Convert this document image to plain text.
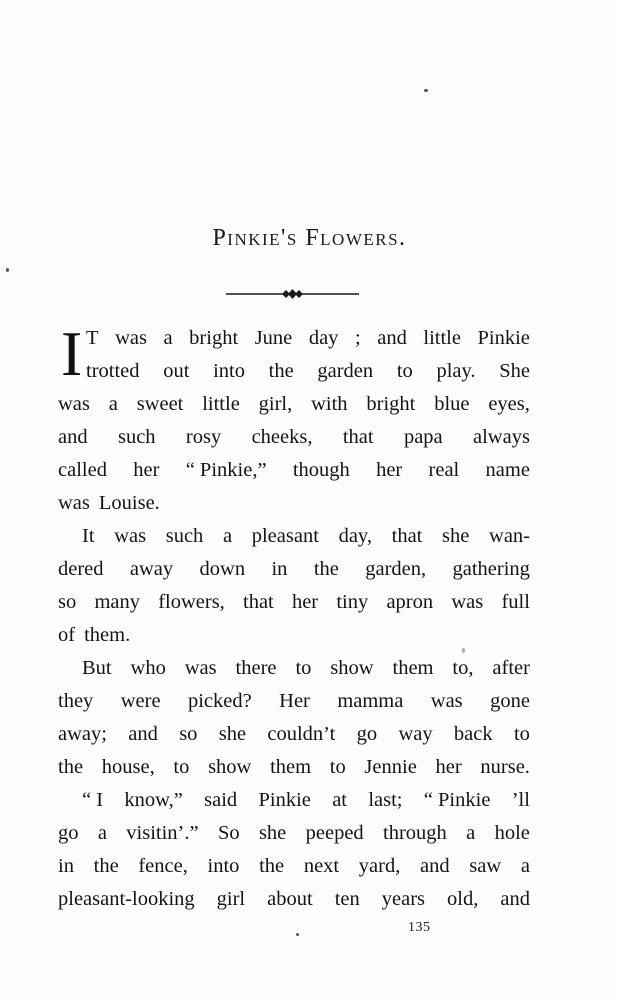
Pinkie's Flowers.
I T was a bright June day ; and little Pinkie
trotted out into the garden to play. She
was a sweet little girl, with bright blue eyes,
and such rosy cheeks, that papa always
called her “ Pinkie,” though her real name
was Louise.
It was such a pleasant day, that she wan-
dered away down in the garden, gathering
so many flowers, that her tiny apron was full
of them.
But who was there to show them to, after
they were picked? Her mamma was gone
away; and so she couldn’t go way back to
the house, to show them to Jennie her nurse.
“ I know,” said Pinkie at last; “ Pinkie ’ll
go a visitin’.” So she peeped through a hole
in the fence, into the next yard, and saw a
pleasant-looking girl about ten years old, and
135
